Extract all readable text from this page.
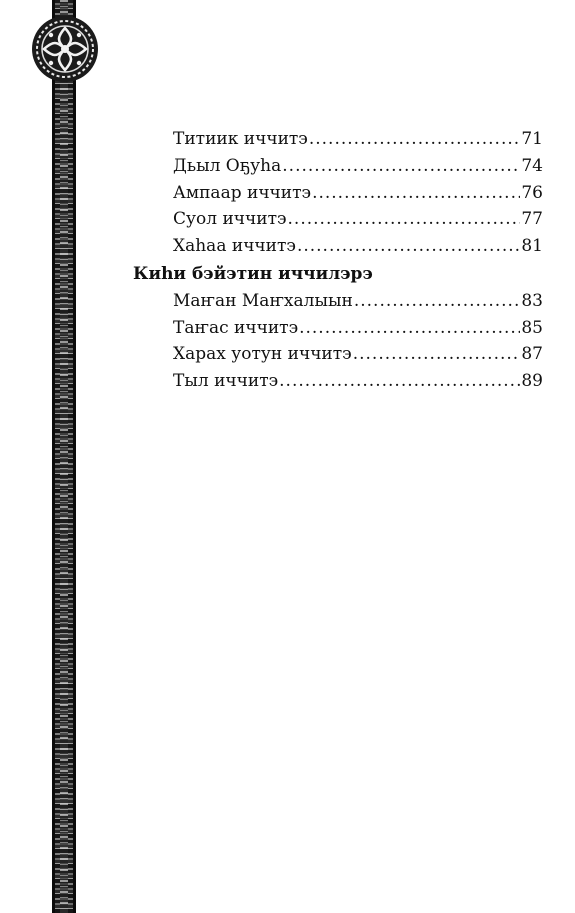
Титиик иччитэ .....	71
Дьыл Оҕуһа .....	74
Ампаар иччитэ .....	76
Суол иччитэ .....	77
Хаһаа иччитэ .....	81
Киһи бэйэтин иччилэрэ
Маҥан Маҥхалыын .....	83
Таҥас иччитэ .....	85
Харах уотун иччитэ .....	87
Тыл иччитэ .....	89
